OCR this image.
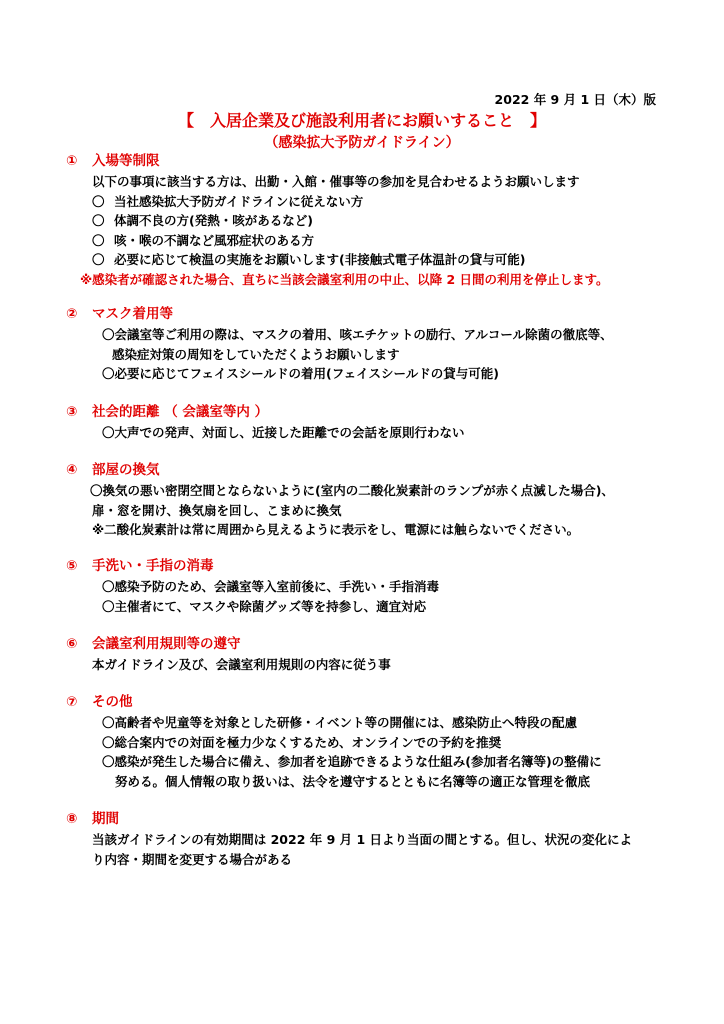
2022 年 9 月 1 日（木）版
【　入居企業及び施設利用者にお願いすること　】
（感染拡大予防ガイドライン）
① 入場等制限
以下の事項に該当する方は、出勤・入館・催事等の参加を見合わせるようお願いします
〇 当社感染拡大予防ガイドラインに従えない方
〇 体調不良の方(発熱・咳があるなど)
〇 咳・喉の不調など風邪症状のある方
〇 必要に応じて検温の実施をお願いします(非接触式電子体温計の貸与可能)
※感染者が確認された場合、直ちに当該会議室利用の中止、以降 2 日間の利用を停止します。
② マスク着用等
〇会議室等ご利用の際は、マスクの着用、咳エチケットの励行、アルコール除菌の徹底等、
感染症対策の周知をしていただくようお願いします
〇必要に応じてフェイスシールドの着用(フェイスシールドの貸与可能)
③ 社会的距離 （ 会議室等内 ）
〇大声での発声、対面し、近接した距離での会話を原則行わない
④ 部屋の換気
〇換気の悪い密閉空間とならないように(室内の二酸化炭素計のランプが赤く点滅した場合)、
扉・窓を開け、換気扇を回し、こまめに換気
※二酸化炭素計は常に周囲から見えるように表示をし、電源には触らないでください。
⑤ 手洗い・手指の消毒
〇感染予防のため、会議室等入室前後に、手洗い・手指消毒
〇主催者にて、マスクや除菌グッズ等を持参し、適宜対応
⑥ 会議室利用規則等の遵守
本ガイドライン及び、会議室利用規則の内容に従う事
⑦ その他
〇高齢者や児童等を対象とした研修・イベント等の開催には、感染防止へ特段の配慮
〇総合案内での対面を極力少なくするため、オンラインでの予約を推奨
〇感染が発生した場合に備え、参加者を追跡できるような仕組み(参加者名簿等)の整備に
努める。個人情報の取り扱いは、法令を遵守するとともに名簿等の適正な管理を徹底
⑧ 期間
当該ガイドラインの有効期間は 2022 年 9 月 1 日より当面の間とする。但し、状況の変化によ
り内容・期間を変更する場合がある
